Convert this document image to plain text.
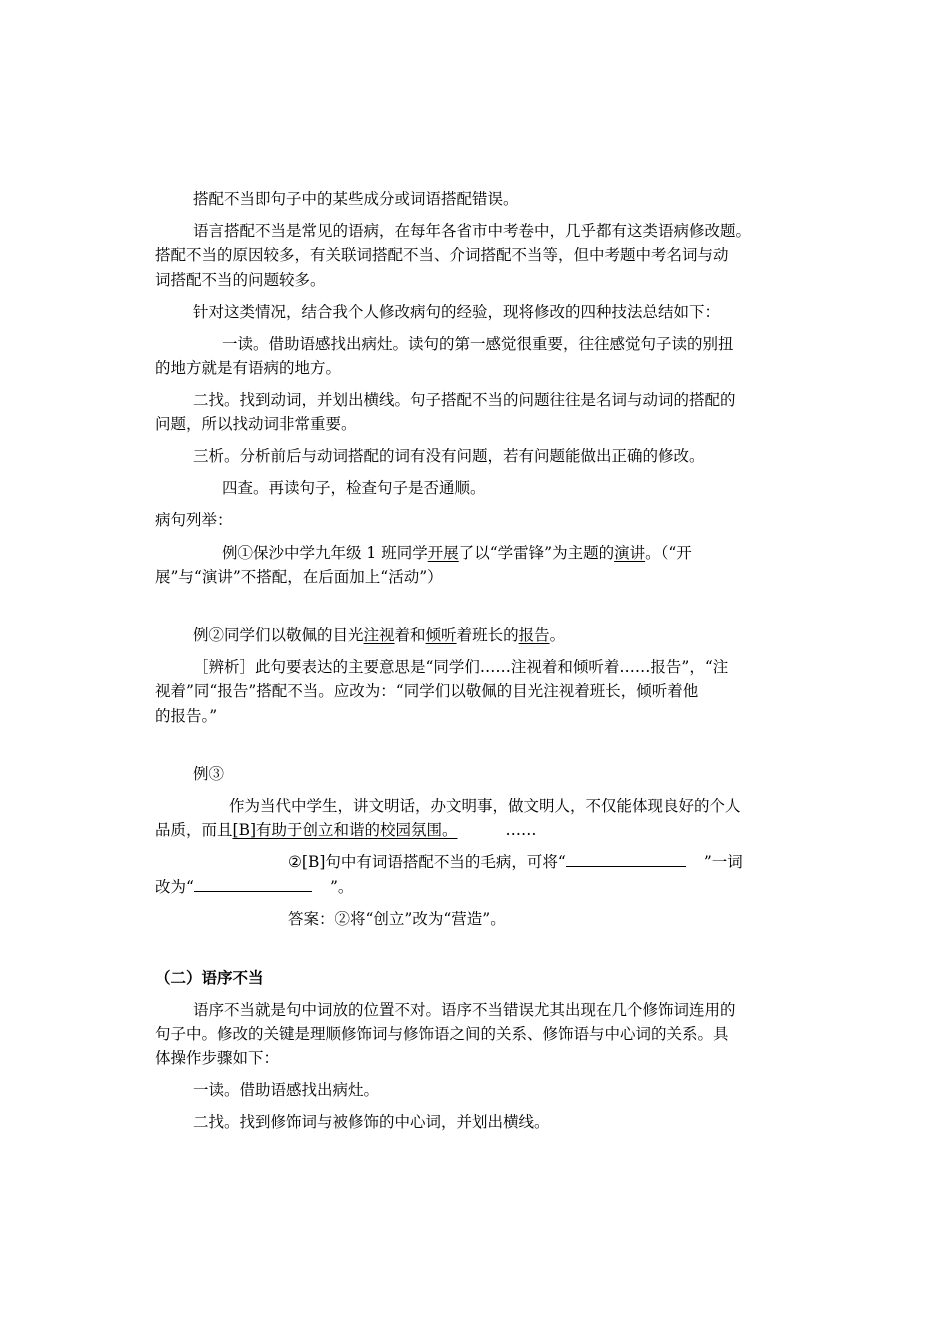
搭配不当即句子中的某些成分或词语搭配错误。
语言搭配不当是常见的语病，在每年各省市中考卷中，几乎都有这类语病修改题。
搭配不当的原因较多，有关联词搭配不当、介词搭配不当等，但中考题中考名词与动
词搭配不当的问题较多。
针对这类情况，结合我个人修改病句的经验，现将修改的四种技法总结如下：
一读。借助语感找出病灶。读句的第一感觉很重要，往往感觉句子读的别扭
的地方就是有语病的地方。
二找。找到动词，并划出横线。句子搭配不当的问题往往是名词与动词的搭配的
问题，所以找动词非常重要。
三析。分析前后与动词搭配的词有没有问题，若有问题能做出正确的修改。
四查。再读句子，检查句子是否通顺。
病句列举：
例①保沙中学九年级 1 班同学开展了以“学雷锋”为主题的演讲。（“开
展”与“演讲”不搭配，在后面加上“活动”）
例②同学们以敬佩的目光注视着和倾听着班长的报告。
［辨析］此句要表达的主要意思是“同学们……注视着和倾听着……报告”，“注
视着”同“报告”搭配不当。应改为：“同学们以敬佩的目光注视着班长，倾听着他
的报告。”
例③
作为当代中学生，讲文明话，办文明事，做文明人，不仅能体现良好的个人
品质，而且[B]有助于创立和谐的校园氛围。	……
②[B]句中有词语搭配不当的毛病，可将“	”一词
改为“	”。
答案：②将“创立”改为“营造”。
（二）语序不当
语序不当就是句中词放的位置不对。语序不当错误尤其出现在几个修饰词连用的
句子中。修改的关键是理顺修饰词与修饰语之间的关系、修饰语与中心词的关系。具
体操作步骤如下：
一读。借助语感找出病灶。
二找。找到修饰词与被修饰的中心词，并划出横线。
